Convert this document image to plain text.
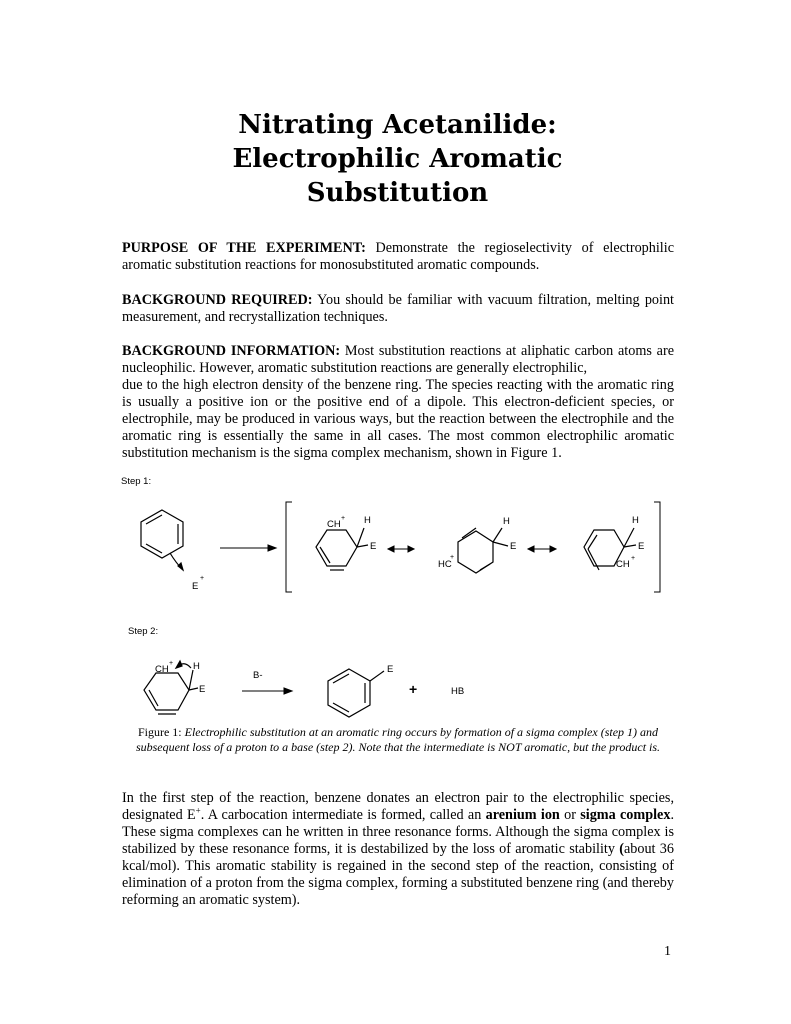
Nitrating Acetanilide:
Electrophilic Aromatic
Substitution
PURPOSE OF THE EXPERIMENT: Demonstrate the regioselectivity of electrophilic aromatic substitution reactions for monosubstituted aromatic compounds.
BACKGROUND REQUIRED: You should be familiar with vacuum filtration, melting point measurement, and recrystallization techniques.
BACKGROUND INFORMATION: Most substitution reactions at aliphatic carbon atoms are nucleophilic. However, aromatic substitution reactions are generally electrophilic,
due to the high electron density of the benzene ring. The species reacting with the aromatic ring is usually a positive ion or the positive end of a dipole. This electron-deficient species, or electrophile, may be produced in various ways, but the reaction between the electrophile and the aromatic ring is essentially the same in all cases. The most common electrophilic aromatic substitution mechanism is the sigma complex mechanism, shown in Figure 1.
Step 1:
E
+
CH
+ H
E
H
E
HC
+
H
E
CH
+
Step 2:
CH
+ H
E
B-
E
+	HB
Figure 1: Electrophilic substitution at an aromatic ring occurs by formation of a sigma complex (step 1) and subsequent loss of a proton to a base (step 2). Note that the intermediate is NOT aromatic, but the product is.
In the first step of the reaction, benzene donates an electron pair to the electrophilic species, designated E+. A carbocation intermediate is formed, called an arenium ion or sigma complex. These sigma complexes can he written in three resonance forms. Although the sigma complex is stabilized by these resonance forms, it is destabilized by the loss of aromatic stability (about 36 kcal/mol). This aromatic stability is regained in the second step of the reaction, consisting of elimination of a proton from the sigma complex, forming a substituted benzene ring (and thereby reforming an aromatic system).
1
